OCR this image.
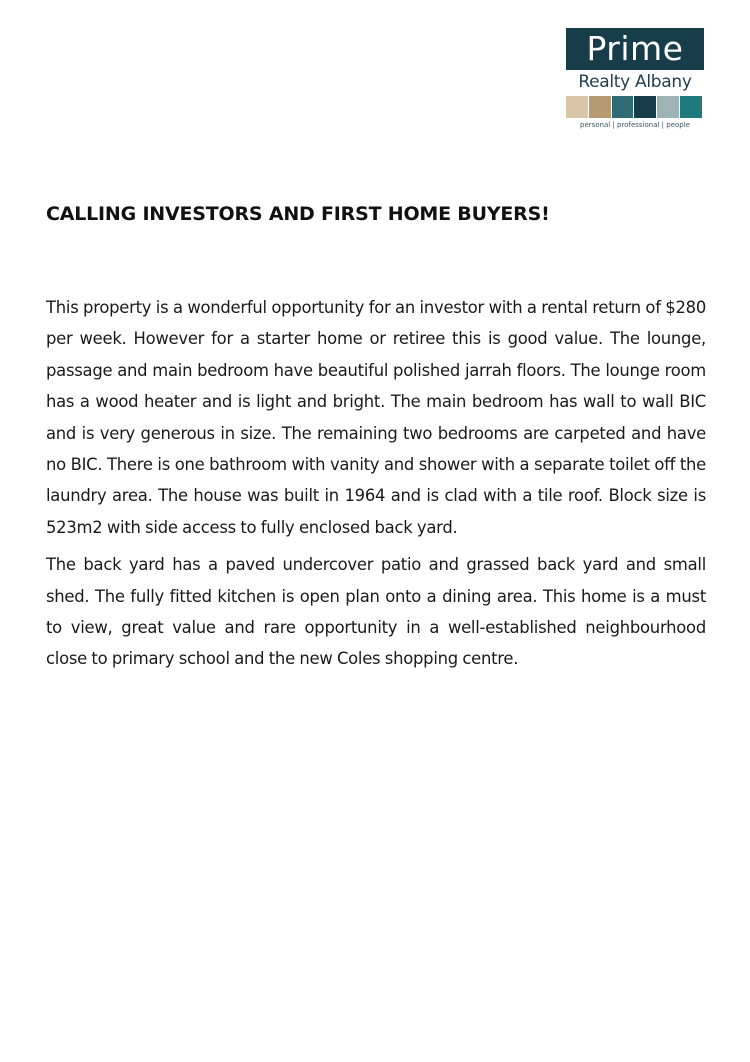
Prime
Realty Albany
personal | professional | people
CALLING INVESTORS AND FIRST HOME BUYERS!

This property is a wonderful opportunity for an investor with a rental return of $280 per week. However for a starter home or retiree this is good value. The lounge, passage and main bedroom have beautiful polished jarrah floors. The lounge room has a wood heater and is light and bright. The main bedroom has wall to wall BIC and is very generous in size. The remaining two bedrooms are carpeted and have no BIC. There is one bathroom with vanity and shower with a separate toilet off the laundry area. The house was built in 1964 and is clad with a tile roof. Block size is 523m2 with side access to fully enclosed back yard.

The back yard has a paved undercover patio and grassed back yard and small shed. The fully fitted kitchen is open plan onto a dining area. This home is a must to view, great value and rare opportunity in a well-established neighbourhood close to primary school and the new Coles shopping centre.
